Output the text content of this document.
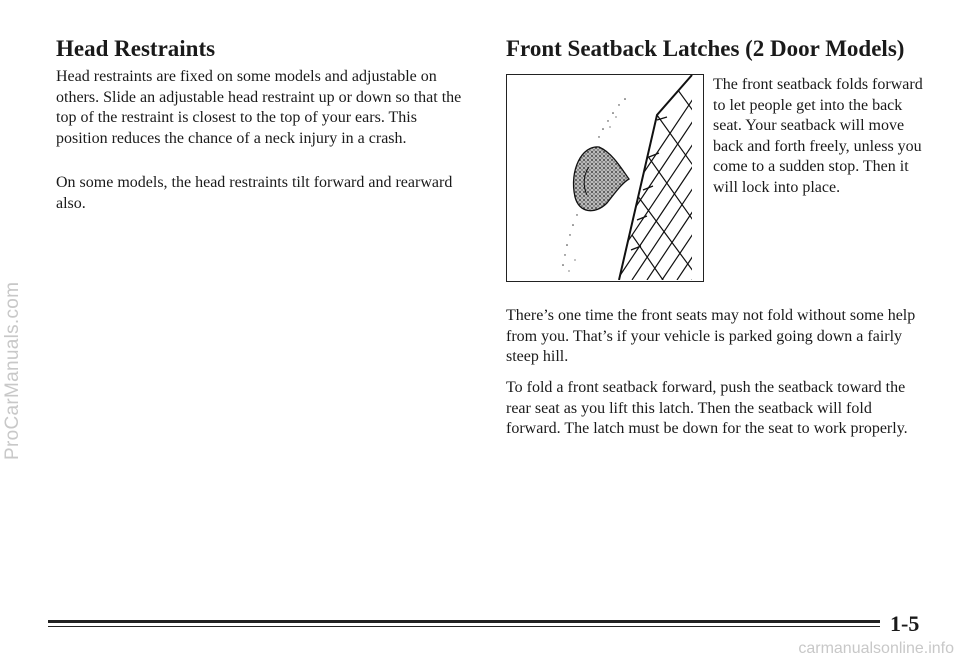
ProCarManuals.com
Head Restraints

Head restraints are fixed on some models and adjustable on others. Slide an adjustable head restraint up or down so that the top of the restraint is closest to the top of your ears. This position reduces the chance of a neck injury in a crash.

On some models, the head restraints tilt forward and rearward also.

Front Seatback Latches (2 Door Models)

The front seatback folds forward to let people get into the back seat. Your seatback will move back and forth freely, unless you come to a sudden stop. Then it will lock into place.

There’s one time the front seats may not fold without some help from you. That’s if your vehicle is parked going down a fairly steep hill.

To fold a front seatback forward, push the seatback toward the rear seat as you lift this latch. Then the seatback will fold forward. The latch must be down for the seat to work properly.

1-5

carmanualsonline.info
